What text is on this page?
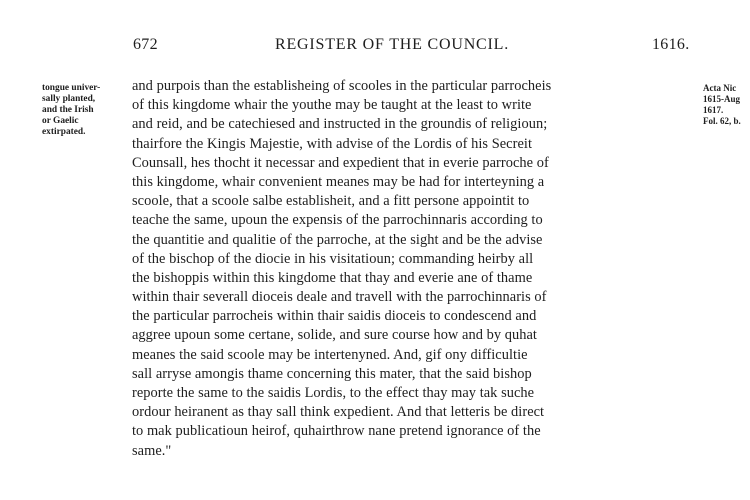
672	REGISTER OF THE COUNCIL.	1616.
tongue univer-
sally planted,
and the Irish
or Gaelic
extirpated.
Acta Nic
1615-Aug
1617.
Fol. 62, b.
and purpois than the establisheing of scooles in the particular parrocheis
of this kingdome whair the youthe may be taught at the least to write
and reid, and be catechiesed and instructed in the groundis of religioun;
thairfore the Kingis Majestie, with advise of the Lordis of his Secreit
Counsall, hes thocht it necessar and expedient that in everie parroche of
this kingdome, whair convenient meanes may be had for interteyning a
scoole, that a scoole salbe establisheit, and a fitt persone appointit to
teache the same, upoun the expensis of the parrochinnaris according to
the quantitie and qualitie of the parroche, at the sight and be the advise
of the bischop of the diocie in his visitatioun; commanding heirby all
the bishoppis within this kingdome that thay and everie ane of thame
within thair severall dioceis deale and travell with the parrochinnaris of
the particular parrocheis within thair saidis dioceis to condescend and
aggree upoun some certane, solide, and sure course how and by quhat
meanes the said scoole may be intertenyned. And, gif ony difficultie
sall arryse amongis thame concerning this mater, that the said bishop
reporte the same to the saidis Lordis, to the effect thay may tak suche
ordour heiranent as thay sall think expedient. And that letteris be direct
to mak publicatioun heirof, quhairthrow nane pretend ignorance of the
same."
